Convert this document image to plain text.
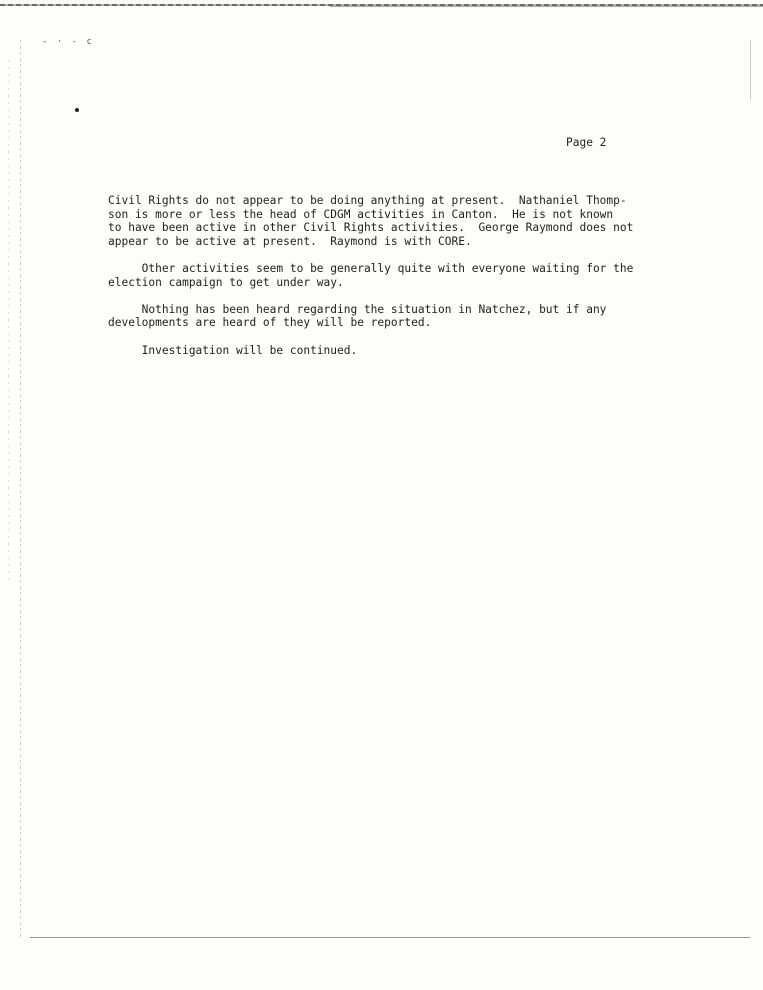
- · - c
Page 2

Civil Rights do not appear to be doing anything at present.  Nathaniel Thomp-
son is more or less the head of CDGM activities in Canton.  He is not known
to have been active in other Civil Rights activities.  George Raymond does not
appear to be active at present.  Raymond is with CORE.

Other activities seem to be generally quite with everyone waiting for the
election campaign to get under way.

Nothing has been heard regarding the situation in Natchez, but if any
developments are heard of they will be reported.

Investigation will be continued.
